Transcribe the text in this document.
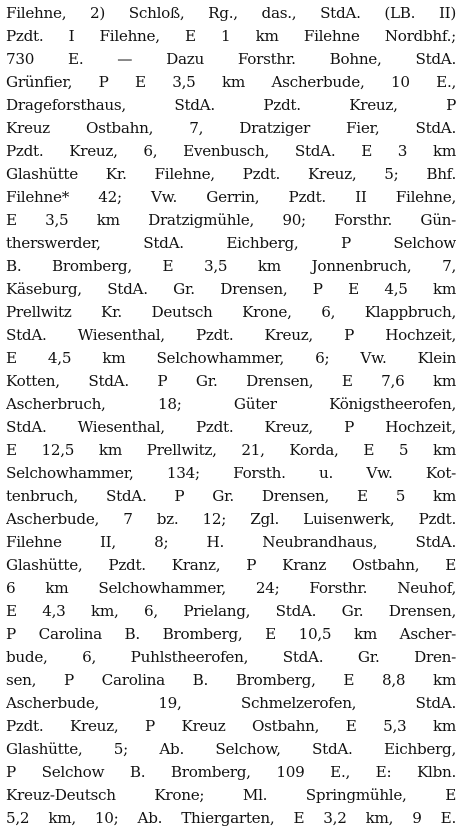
Filehne, 2) Schloß, Rg., das., StdA. (LB. II)
Pzdt. I Filehne, E 1 km Filehne Nordbhf.;
730 E. — Dazu Forsthr. Bohne, StdA.
Grünfier, P E 3,5 km Ascherbude, 10 E.,
Drageforsthaus, StdA. Pzdt. Kreuz, P
Kreuz Ostbahn, 7, Dratziger Fier, StdA.
Pzdt. Kreuz, 6, Evenbusch, StdA. E 3 km
Glashütte Kr. Filehne, Pzdt. Kreuz, 5; Bhf.
Filehne* 42; Vw. Gerrin, Pzdt. II Filehne,
E 3,5 km Dratzigmühle, 90; Forsthr. Gün-
therswerder, StdA. Eichberg, P Selchow
B. Bromberg, E 3,5 km Jonnenbruch, 7,
Käseburg, StdA. Gr. Drensen, P E 4,5 km
Prellwitz Kr. Deutsch Krone, 6, Klappbruch,
StdA. Wiesenthal, Pzdt. Kreuz, P Hochzeit,
E 4,5 km Selchowhammer, 6; Vw. Klein
Kotten, StdA. P Gr. Drensen, E 7,6 km
Ascherbruch, 18; Güter Königstheerofen,
StdA. Wiesenthal, Pzdt. Kreuz, P Hochzeit,
E 12,5 km Prellwitz, 21, Korda, E 5 km
Selchowhammer, 134; Forsth. u. Vw. Kot-
tenbruch, StdA. P Gr. Drensen, E 5 km
Ascherbude, 7 bz. 12; Zgl. Luisenwerk, Pzdt.
Filehne II, 8; H. Neubrandhaus, StdA.
Glashütte, Pzdt. Kranz, P Kranz Ostbahn, E
6 km Selchowhammer, 24; Forsthr. Neuhof,
E 4,3 km, 6, Prielang, StdA. Gr. Drensen,
P Carolina B. Bromberg, E 10,5 km Ascher-
bude, 6, Puhlstheerofen, StdA. Gr. Dren-
sen, P Carolina B. Bromberg, E 8,8 km
Ascherbude, 19, Schmelzerofen, StdA.
Pzdt. Kreuz, P Kreuz Ostbahn, E 5,3 km
Glashütte, 5; Ab. Selchow, StdA. Eichberg,
P Selchow B. Bromberg, 109 E., E: Klbn.
Kreuz-Deutsch Krone; Ml. Springmühle, E
5,2 km, 10; Ab. Thiergarten, E 3,2 km, 9 E.
